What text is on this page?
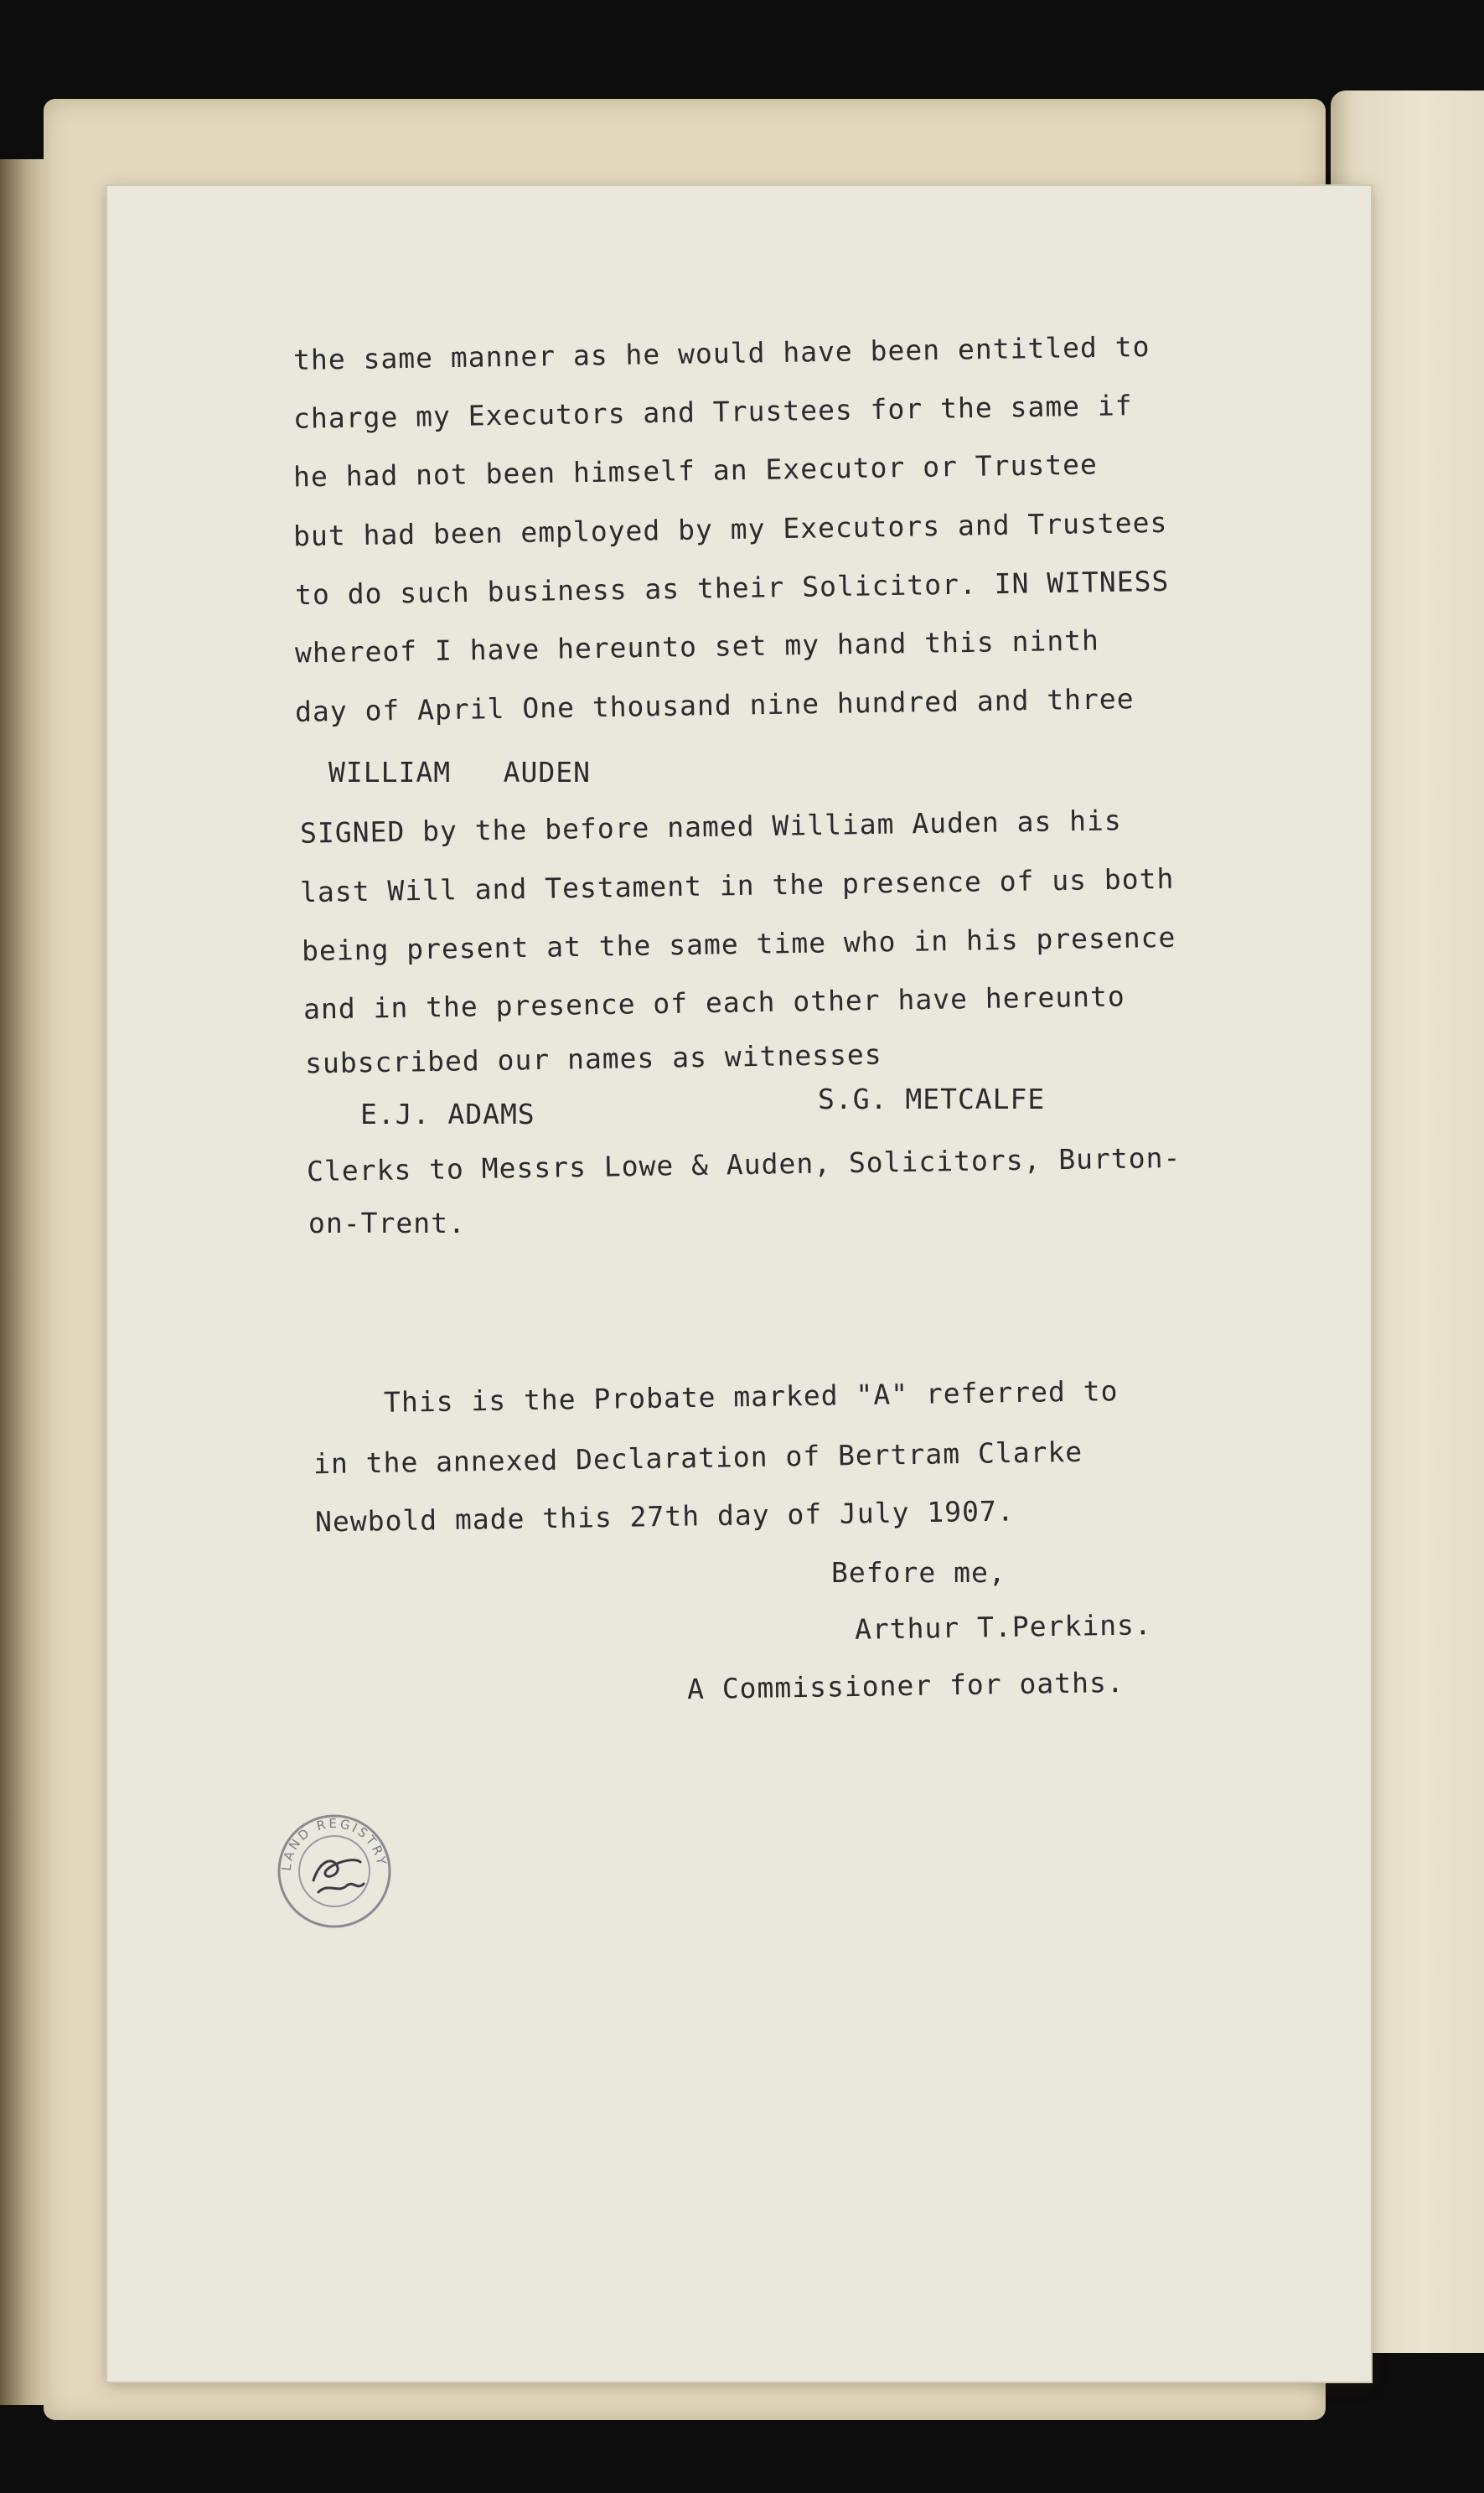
the same manner as he would have been entitled to
charge my Executors and Trustees for the same if
he had not been himself an Executor or Trustee
but had been employed by my Executors and Trustees
to do such business as their Solicitor. IN WITNESS
whereof I have hereunto set my hand this ninth
day of April One thousand nine hundred and three
WILLIAM   AUDEN
SIGNED by the before named William Auden as his
last Will and Testament in the presence of us both
being present at the same time who in his presence
and in the presence of each other have hereunto
subscribed our names as witnesses
E.J. ADAMS	S.G. METCALFE
Clerks to Messrs Lowe & Auden, Solicitors, Burton-
on-Trent.
This is the Probate marked "A" referred to
in the annexed Declaration of Bertram Clarke
Newbold made this 27th day of July 1907.
Before me,
Arthur T.Perkins.
A Commissioner for oaths.
LAND REGISTRY
